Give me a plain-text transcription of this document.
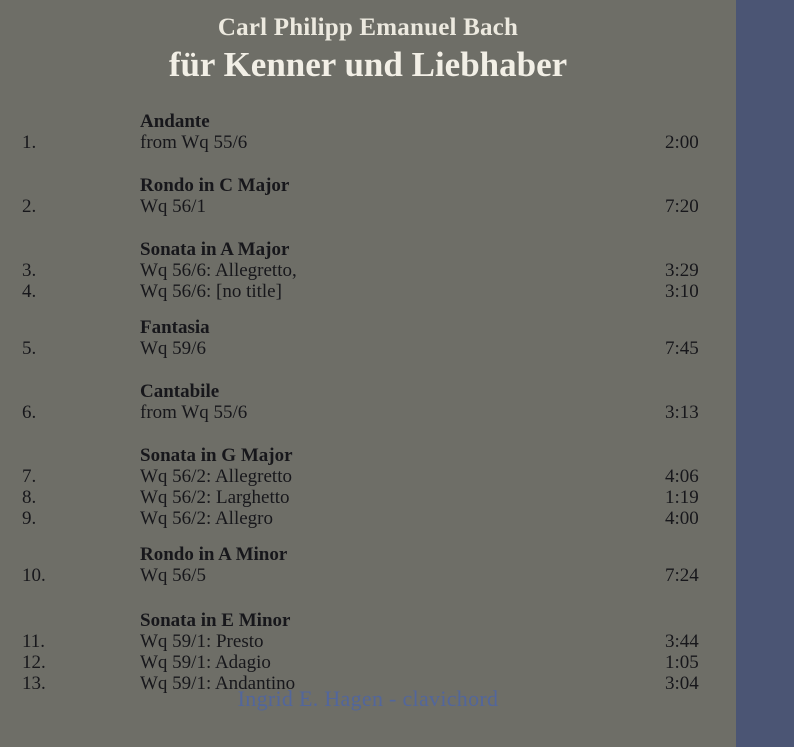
Carl Philipp Emanuel Bach
für Kenner und Liebhaber
Andante
1.	from Wq 55/6	2:00
Rondo in C Major
2.	Wq 56/1	7:20
Sonata in A Major
3.	Wq 56/6: Allegretto,	3:29
4.	Wq 56/6: [no title]	3:10
Fantasia
5.	Wq 59/6	7:45
Cantabile
6.	from Wq 55/6	3:13
Sonata in G Major
7.	Wq 56/2: Allegretto	4:06
8.	Wq 56/2: Larghetto	1:19
9.	Wq 56/2: Allegro	4:00
Rondo in A Minor
10.	Wq 56/5	7:24
Sonata in E Minor
11.	Wq 59/1: Presto	3:44
12.	Wq 59/1: Adagio	1:05
13.	Wq 59/1: Andantino	3:04
Ingrid E. Hagen - clavichord
